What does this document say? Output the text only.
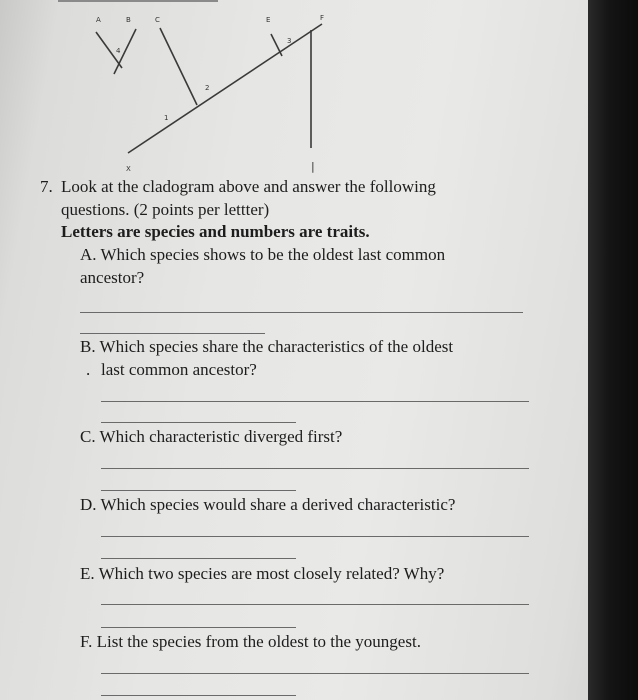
A	B	C	E	F
4
3
2
1
X	|
7. Look at the cladogram above and answer the following
questions. (2 points per lettter)
Letters are species and numbers are traits.
A. Which species shows to be the oldest last common
ancestor?
B. Which species share the characteristics of the oldest
. last common ancestor?
C. Which characteristic diverged first?
D. Which species would share a derived characteristic?
E. Which two species are most closely related? Why?
F. List the species from the oldest to the youngest.
